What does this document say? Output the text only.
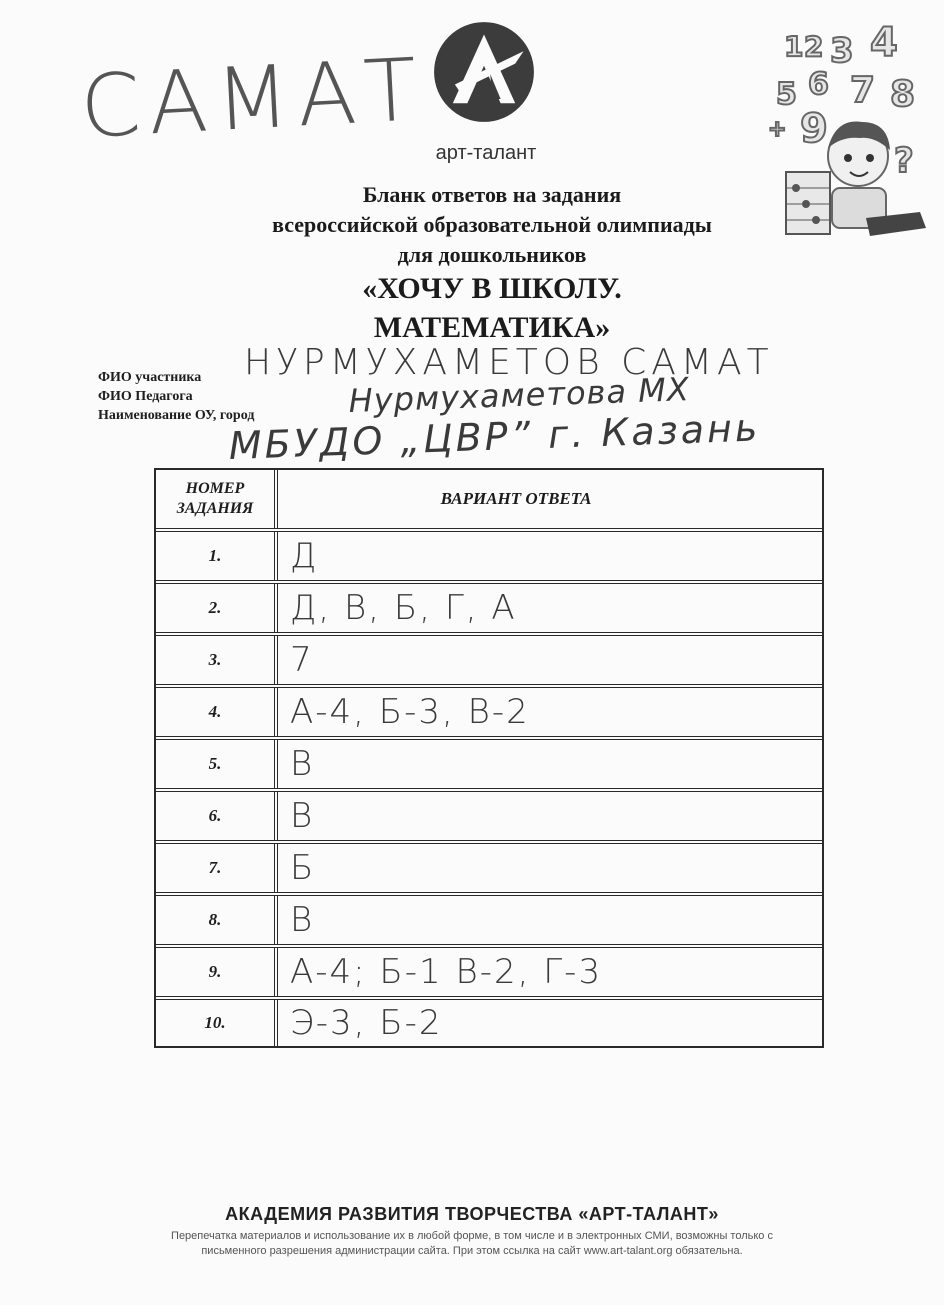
САМАТ арт-талант
1 2 3 4
5 6 7 8
9
?
+
Бланк ответов на задания
всероссийской образовательной олимпиады
для дошкольников
«ХОЧУ В ШКОЛУ.
МАТЕМАТИКА»
ФИО участника
ФИО Педагога
Наименование ОУ, город
НУРМУХАМЕТОВ САМАТ
Нурмухаметова МХ
МБУДО „ЦВР” г. Казань
НОМЕР ЗАДАНИЯ
ВАРИАНТ ОТВЕТА
1.	Д
2.	Д, В, Б, Г, А
3.	7
4.	А-4, Б-3, В-2
5.	В
6.	В
7.	Б
8.	В
9.	А-4; Б-1 В-2, Г-3
10.	Э-3, Б-2
АКАДЕМИЯ РАЗВИТИЯ ТВОРЧЕСТВА «АРТ-ТАЛАНТ»
Перепечатка материалов и использование их в любой форме, в том числе и в электронных СМИ, возможны только с
письменного разрешения администрации сайта. При этом ссылка на сайт www.art-talant.org обязательна.
